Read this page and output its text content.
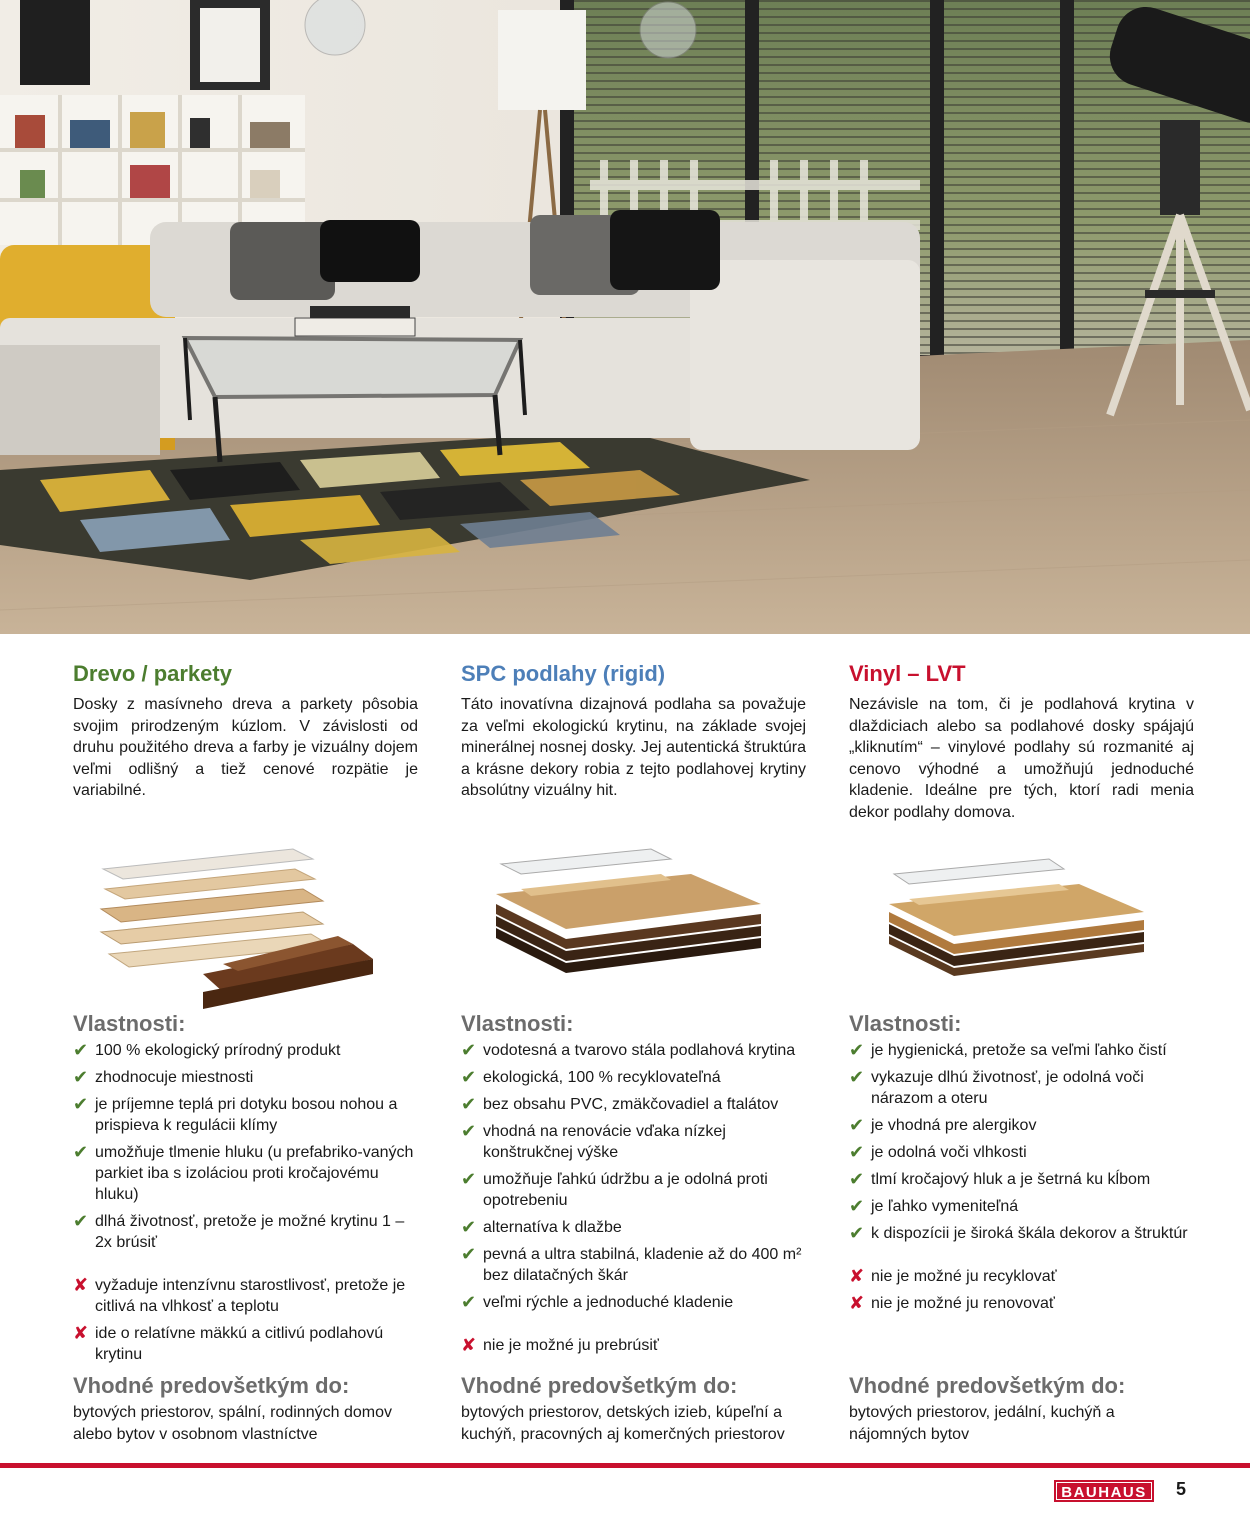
Drevo / parkety

Dosky z masívneho dreva a parkety pôsobia svojim prirodzeným kúzlom. V závislosti od druhu použitého dreva a farby je vizuálny dojem veľmi odlišný a tiež cenové rozpätie je variabilné.

Vlastnosti:
✔ 100 % ekologický prírodný produkt
✔ zhodnocuje miestnosti
✔ je príjemne teplá pri dotyku bosou nohou a prispieva k regulácii klímy
✔ umožňuje tlmenie hluku (u prefabriko-vaných parkiet iba s izoláciou proti kročajovému hluku)
✔ dlhá životnosť, pretože je možné krytinu 1 – 2x brúsiť
✘ vyžaduje intenzívnu starostlivosť, pretože je citlivá na vlhkosť a teplotu
✘ ide o relatívne mäkkú a citlivú podlahovú krytinu
Vhodné predovšetkým do:
bytových priestorov, spální, rodinných domov alebo bytov v osobnom vlastníctve
SPC podlahy (rigid)

Táto inovatívna dizajnová podlaha sa považuje za veľmi ekologickú krytinu, na základe svojej minerálnej nosnej dosky. Jej autentická štruktúra a krásne dekory robia z tejto podlahovej krytiny absolútny vizuálny hit.

Vlastnosti:
✔ vodotesná a tvarovo stála podlahová krytina
✔ ekologická, 100 % recyklovateľná
✔ bez obsahu PVC, zmäkčovadiel a ftalátov
✔ vhodná na renovácie vďaka nízkej konštrukčnej výške
✔ umožňuje ľahkú údržbu a je odolná proti opotrebeniu
✔ alternatíva k dlažbe
✔ pevná a ultra stabilná, kladenie až do 400 m² bez dilatačných škár
✔ veľmi rýchle a jednoduché kladenie
✘ nie je možné ju prebrúsiť
Vhodné predovšetkým do:
bytových priestorov, detských izieb, kúpeľní a kuchýň, pracovných aj komerčných priestorov
Vinyl – LVT

Nezávisle na tom, či je podlahová krytina v dlaždiciach alebo sa podlahové dosky spájajú „kliknutím“ – vinylové podlahy sú rozmanité aj cenovo výhodné a umožňujú jednoduché kladenie. Ideálne pre tých, ktorí radi menia dekor podlahy domova.

Vlastnosti:
✔ je hygienická, pretože sa veľmi ľahko čistí
✔ vykazuje dlhú životnosť, je odolná voči nárazom a oteru
✔ je vhodná pre alergikov
✔ je odolná voči vlhkosti
✔ tlmí kročajový hluk a je šetrná ku kĺbom
✔ je ľahko vymeniteľná
✔ k dispozícii je široká škála dekorov a štruktúr
✘ nie je možné ju recyklovať
✘ nie je možné ju renovovať
Vhodné predovšetkým do:
bytových priestorov, jedální, kuchýň a nájomných bytov
BAUHAUS	5
